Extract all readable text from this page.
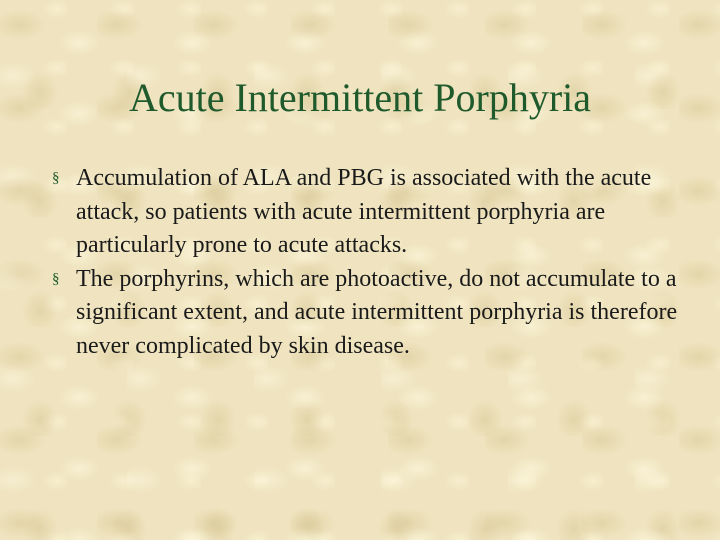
Acute Intermittent Porphyria
§ Accumulation of ALA and PBG is associated with the acute attack, so patients with acute intermittent porphyria are particularly prone to acute attacks.
§ The porphyrins, which are photoactive, do not accumulate to a significant extent, and acute intermittent porphyria is therefore never complicated by skin disease.
